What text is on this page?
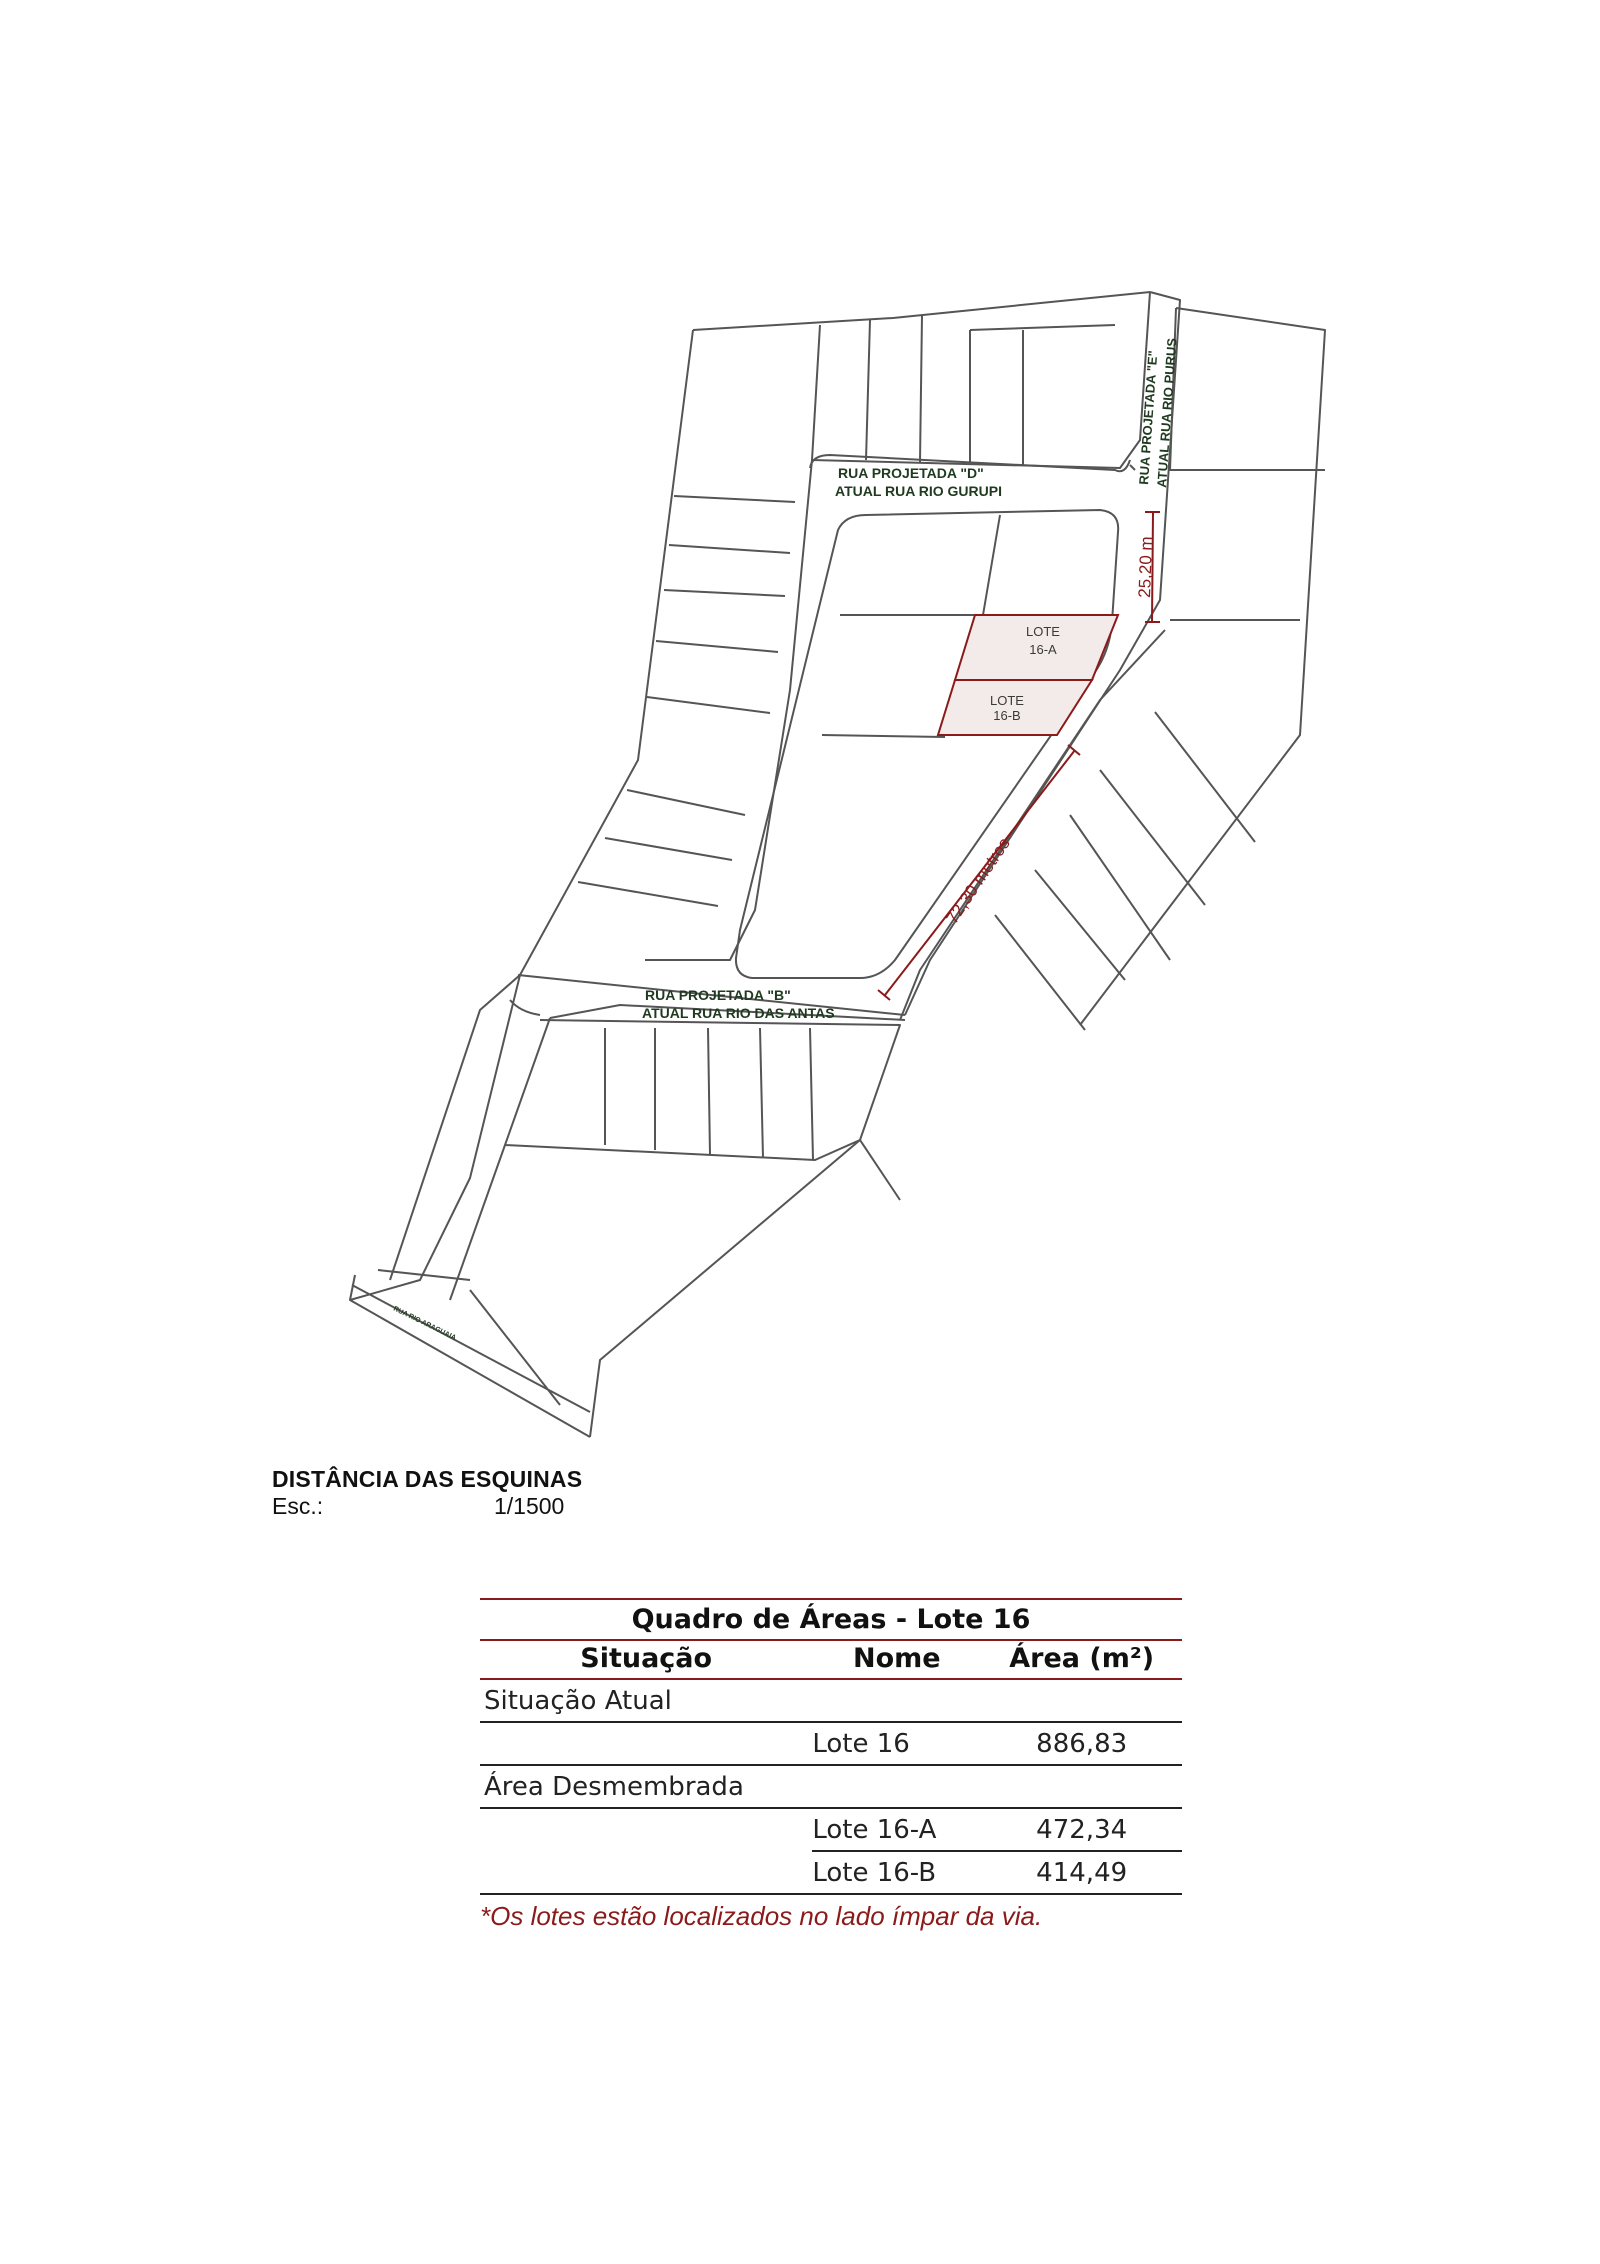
LOTE
16-A
LOTE
16-B
25,20 m
72,30 metros
RUA PROJETADA "D"
ATUAL RUA RIO GURUPI
RUA PROJETADA "E"
ATUAL RUA RIO PURUS
RUA PROJETADA "B"
ATUAL RUA RIO DAS ANTAS
RUA RIO ARAGUAIA
DISTÂNCIA DAS ESQUINAS
Esc.:	1/1500
Quadro de Áreas - Lote 16		
Situação	Nome	Área (m²)
Situação Atual		
	Lote 16	886,83
Área Desmembrada		
	Lote 16-A	472,34
	Lote 16-B	414,49
*Os lotes estão localizados no lado ímpar da via.
